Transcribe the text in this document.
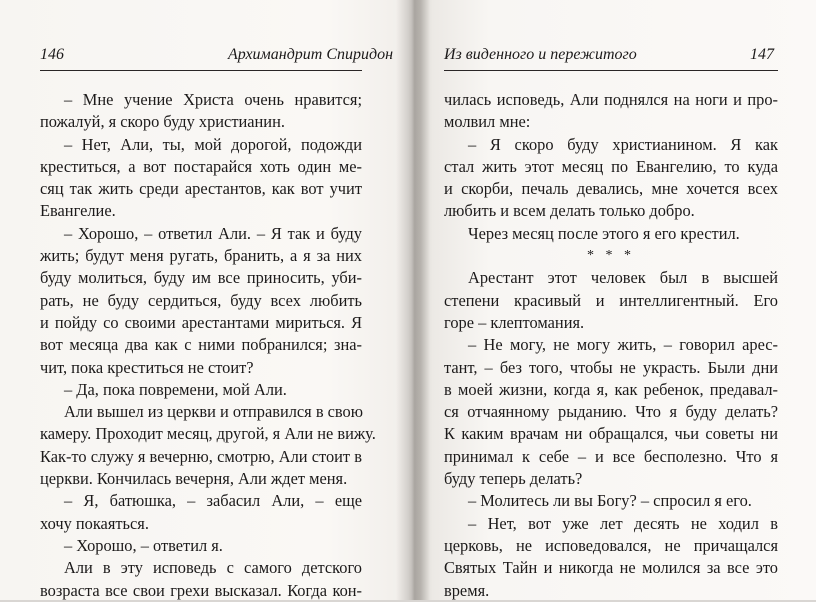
146	Архимандрит Спиридон
– Мне учение Христа очень нравится;
пожалуй, я скоро буду христианин.
– Нет, Али, ты, мой дорогой, подожди
креститься, а вот постарайся хоть один ме-
сяц так жить среди арестантов, как вот учит
Евангелие.
– Хорошо, – ответил Али. – Я так и буду
жить; будут меня ругать, бранить, а я за них
буду молиться, буду им все приносить, уби-
рать, не буду сердиться, буду всех любить
и пойду со своими арестантами мириться. Я
вот месяца два как с ними побранился; зна-
чит, пока креститься не стоит?
– Да, пока повремени, мой Али.
Али вышел из церкви и отправился в свою
камеру. Проходит месяц, другой, я Али не вижу.
Как-то служу я вечерню, смотрю, Али стоит в
церкви. Кончилась вечерня, Али ждет меня.
– Я, батюшка, – забасил Али, – еще
хочу покаяться.
– Хорошо, – ответил я.
Али в эту исповедь с самого детского
возраста все свои грехи высказал. Когда кон-
Из виденного и пережитого	147
чилась исповедь, Али поднялся на ноги и про-
молвил мне:
– Я скоро буду христианином. Я как
стал жить этот месяц по Евангелию, то куда
и скорби, печаль девались, мне хочется всех
любить и всем делать только добро.
Через месяц после этого я его крестил.
* * *
Арестант этот человек был в высшей
степени красивый и интеллигентный. Его
горе – клептомания.
– Не могу, не могу жить, – говорил арес-
тант, – без того, чтобы не украсть. Были дни
в моей жизни, когда я, как ребенок, предавал-
ся отчаянному рыданию. Что я буду делать?
К каким врачам ни обращался, чьи советы ни
принимал к себе – и все бесполезно. Что я
буду теперь делать?
– Молитесь ли вы Богу? – спросил я его.
– Нет, вот уже лет десять не ходил в
церковь, не исповедовался, не причащался
Святых Тайн и никогда не молился за все это
время.
